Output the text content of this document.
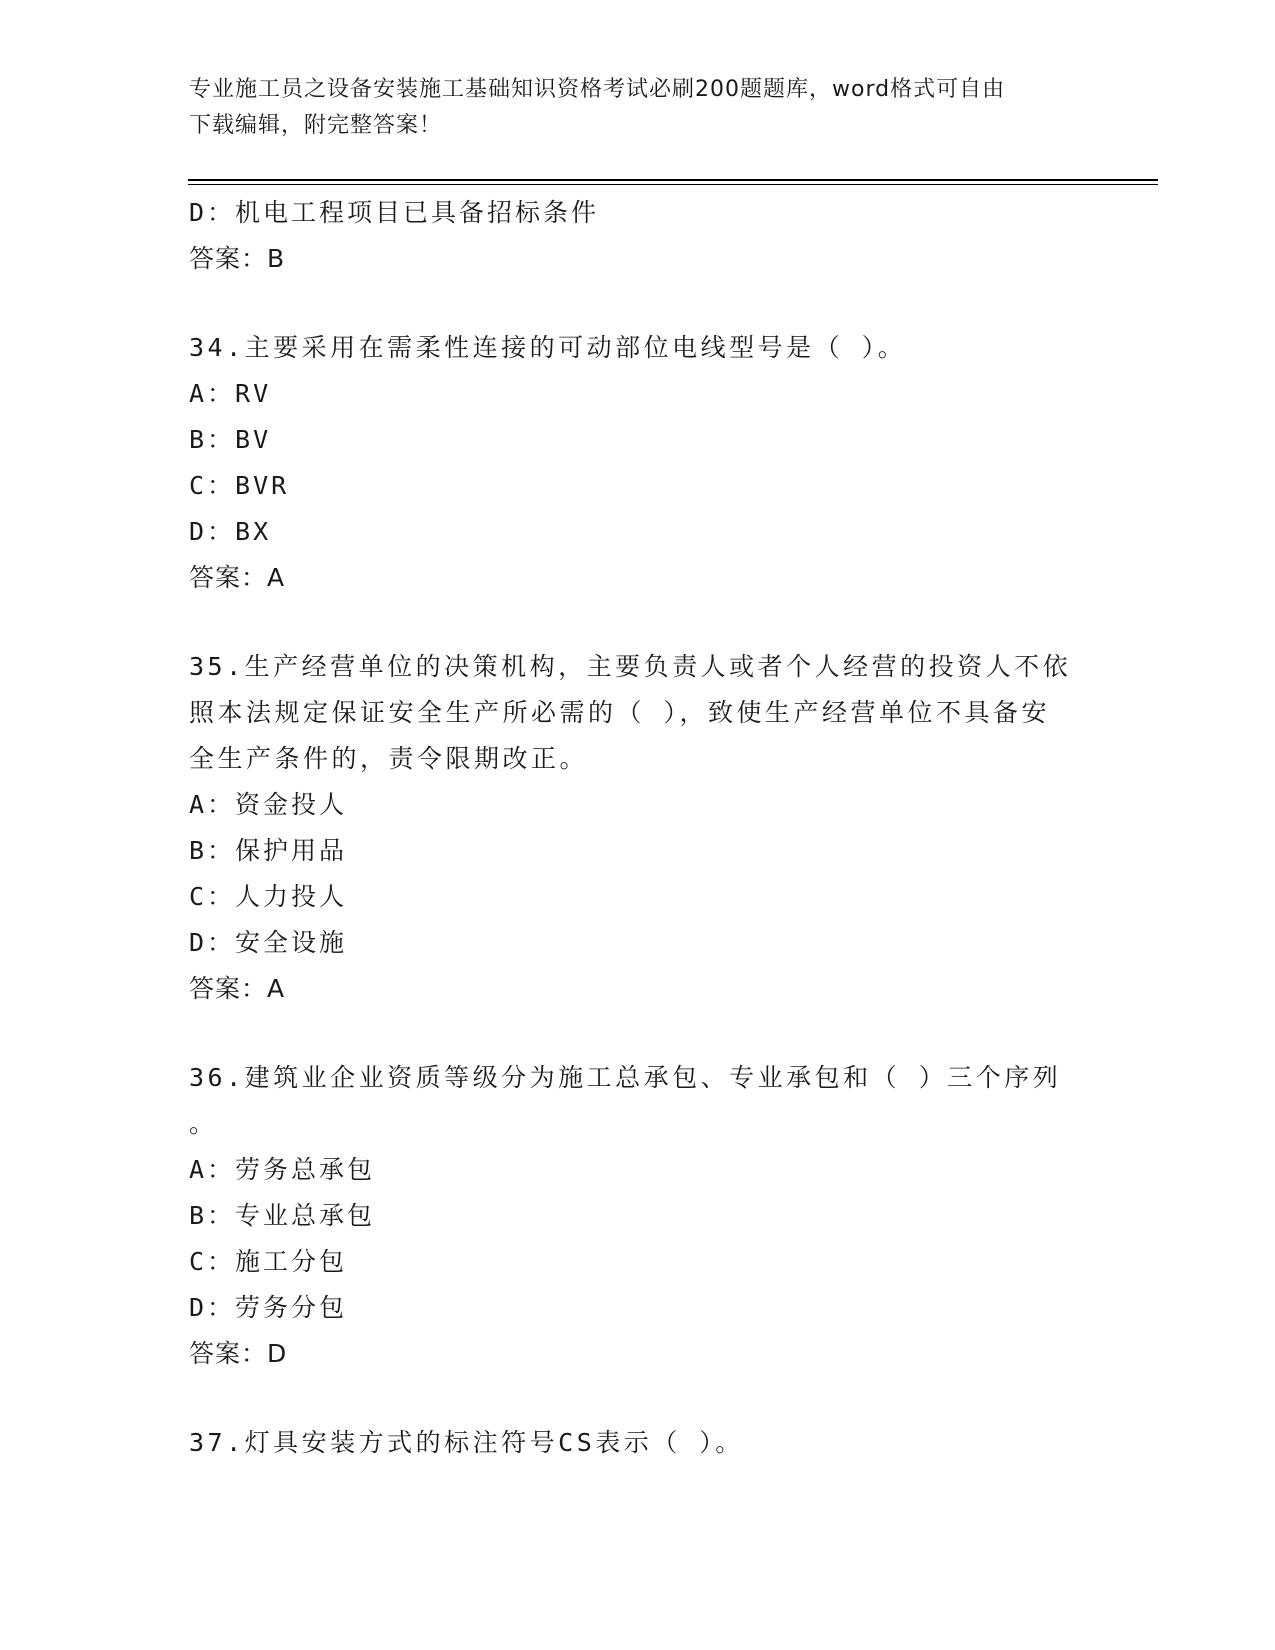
专业施工员之设备安装施工基础知识资格考试必刷200题题库，word格式可自由
下载编辑，附完整答案！
D：机电工程项目已具备招标条件
答案：B
34.主要采用在需柔性连接的可动部位电线型号是（ ）。
A：RV
B：BV
C：BVR
D：BX
答案：A
35.生产经营单位的决策机构，主要负责人或者个人经营的投资人不依
照本法规定保证安全生产所必需的（ ），致使生产经营单位不具备安
全生产条件的，责令限期改正。
A：资金投人
B：保护用品
C：人力投人
D：安全设施
答案：A
36.建筑业企业资质等级分为施工总承包、专业承包和（ ）三个序列
。
A：劳务总承包
B：专业总承包
C：施工分包
D：劳务分包
答案：D
37.灯具安装方式的标注符号CS表示（ ）。
